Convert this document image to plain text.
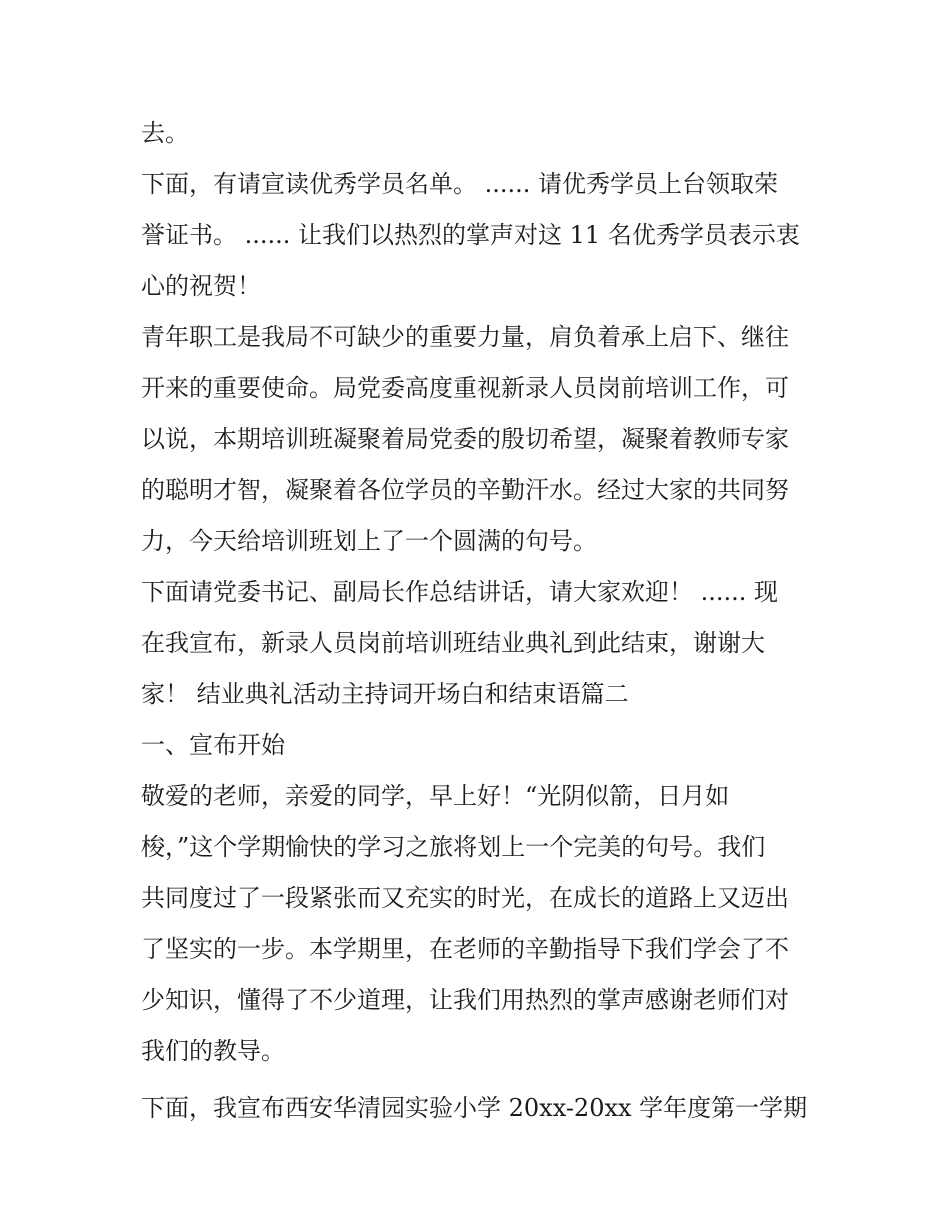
去。
下面，有请宣读优秀学员名单。 ...... 请优秀学员上台领取荣
誉证书。 ...... 让我们以热烈的掌声对这 11 名优秀学员表示衷
心的祝贺！
青年职工是我局不可缺少的重要力量，肩负着承上启下、继往
开来的重要使命。局党委高度重视新录人员岗前培训工作，可
以说，本期培训班凝聚着局党委的殷切希望，凝聚着教师专家
的聪明才智，凝聚着各位学员的辛勤汗水。经过大家的共同努
力，今天给培训班划上了一个圆满的句号。
下面请党委书记、副局长作总结讲话，请大家欢迎！ ...... 现
在我宣布，新录人员岗前培训班结业典礼到此结束，谢谢大
家！ 结业典礼活动主持词开场白和结束语篇二
一、宣布开始
敬爱的老师，亲爱的同学，早上好！“光阴似箭，日月如
梭，”这个学期愉快的学习之旅将划上一个完美的句号。我们
共同度过了一段紧张而又充实的时光，在成长的道路上又迈出
了坚实的一步。本学期里，在老师的辛勤指导下我们学会了不
少知识，懂得了不少道理，让我们用热烈的掌声感谢老师们对
我们的教导。
下面，我宣布西安华清园实验小学 20xx-20xx 学年度第一学期
